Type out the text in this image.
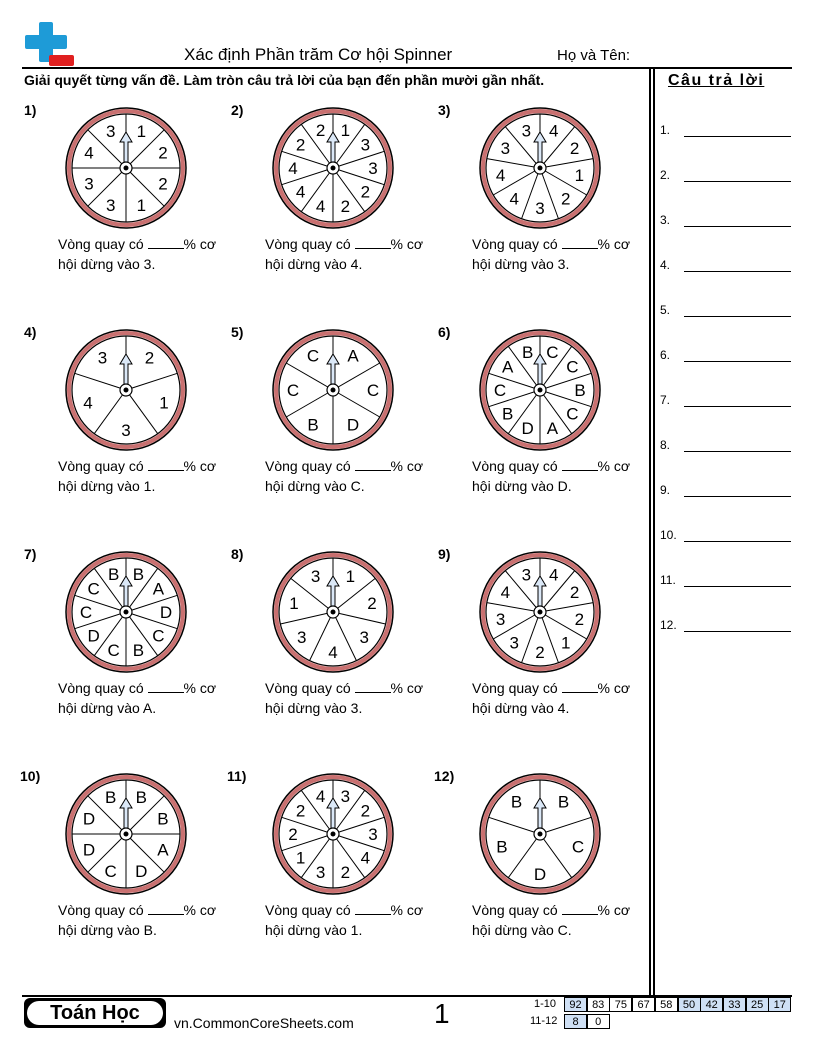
Xác định Phần trăm Cơ hội Spinner	Họ và Tên:
Giải quyết từng vấn đề. Làm tròn câu trả lời của bạn đến phần mười gần nhất.	Câu trả lời
1.
2.
3.
4.
5.
6.
7.
8.
9.
10.
11.
12.
1)
1
2
2
1
3
3
4
3
Vòng quay có	% cơ
hội dừng vào 3.
2)
1
3
3
2
2
4
4
4
2
2
Vòng quay có	% cơ
hội dừng vào 4.
3)
4
2
1
2
3
4
4
3
3
Vòng quay có	% cơ
hội dừng vào 3.
4)
2
1
3
4
3
Vòng quay có	% cơ
hội dừng vào 1.
5)
A
C
D
B
C
C
Vòng quay có	% cơ
hội dừng vào C.
6)
C
C
B
C
A
D
B
C
A
B
Vòng quay có	% cơ
hội dừng vào D.
7)
B
A
D
C
B
C
D
C
C
B
Vòng quay có	% cơ
hội dừng vào A.
8)
1
2
3
4
3
1
3
Vòng quay có	% cơ
hội dừng vào 3.
9)
4
2
2
1
2
3
3
4
3
Vòng quay có	% cơ
hội dừng vào 4.
10)
B
B
A
D
C
D
D
B
Vòng quay có	% cơ
hội dừng vào B.
11)
3
2
3
4
2
3
1
2
2
4
Vòng quay có	% cơ
hội dừng vào 1.
12)
B
C
D
B
B
Vòng quay có	% cơ
hội dừng vào C.
Toán Học	vn.CommonCoreSheets.com	1	1-10	92 83 75 67 58 50 42 33 25 17
11-12	8	0
